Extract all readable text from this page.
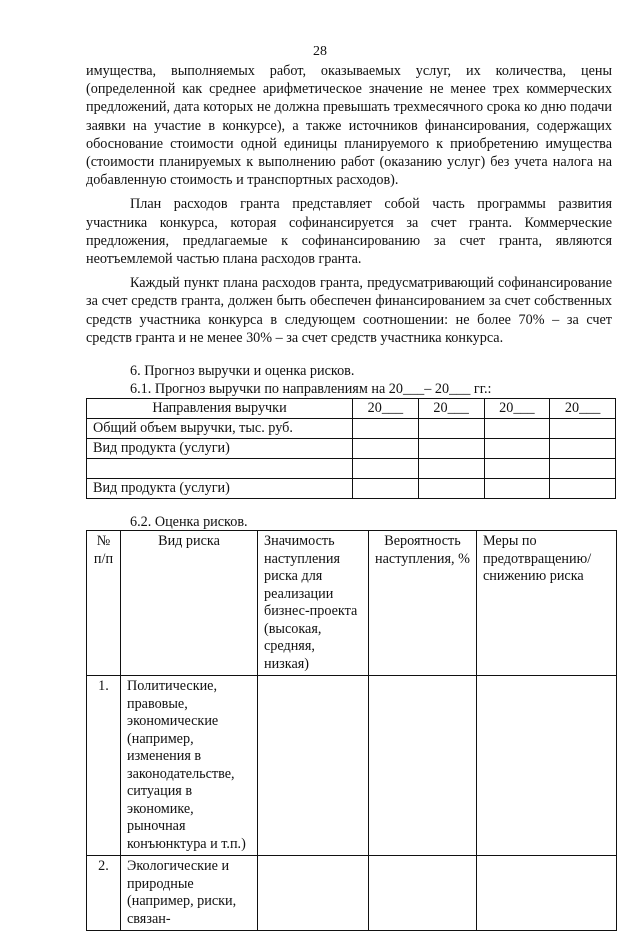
28

имущества, выполняемых работ, оказываемых услуг, их количества, цены (определенной как среднее арифметическое значение не менее трех коммерческих предложений, дата которых не должна превышать трехмесячного срока ко дню подачи заявки на участие в конкурсе), а также источников финансирования, содержащих обоснование стоимости одной единицы планируемого к приобретению имущества (стоимости планируемых к выполнению работ (оказанию услуг) без учета налога на добавленную стоимость и транспортных расходов).

План расходов гранта представляет собой часть программы развития участника конкурса, которая софинансируется за счет гранта. Коммерческие предложения, предлагаемые к софинансированию за счет гранта, являются неотъемлемой частью плана расходов гранта.

Каждый пункт плана расходов гранта, предусматривающий софинансирование за счет средств гранта, должен быть обеспечен финансированием за счет собственных средств участника конкурса в следующем соотношении: не более 70% – за счет средств гранта и не менее 30% – за счет средств участника конкурса.

6. Прогноз выручки и оценка рисков.
6.1. Прогноз выручки по направлениям на 20___– 20___ гг.:
Направления выручки	20___	20___	20___	20___
Общий объем выручки, тыс. руб.				
Вид продукта (услуги)				

Вид продукта (услуги)				
6.2. Оценка рисков.
№ п/п	Вид риска	Значимость наступления риска для реализации бизнес-проекта (высокая, средняя, низкая)	Вероятность наступления, %	Меры по предотвращению/ снижению риска
1.	Политические, правовые, экономические (например, изменения в законодательстве, ситуация в экономике, рыночная конъюнктура и т.п.)			
2.	Экологические и природные (например, риски, связан-			
